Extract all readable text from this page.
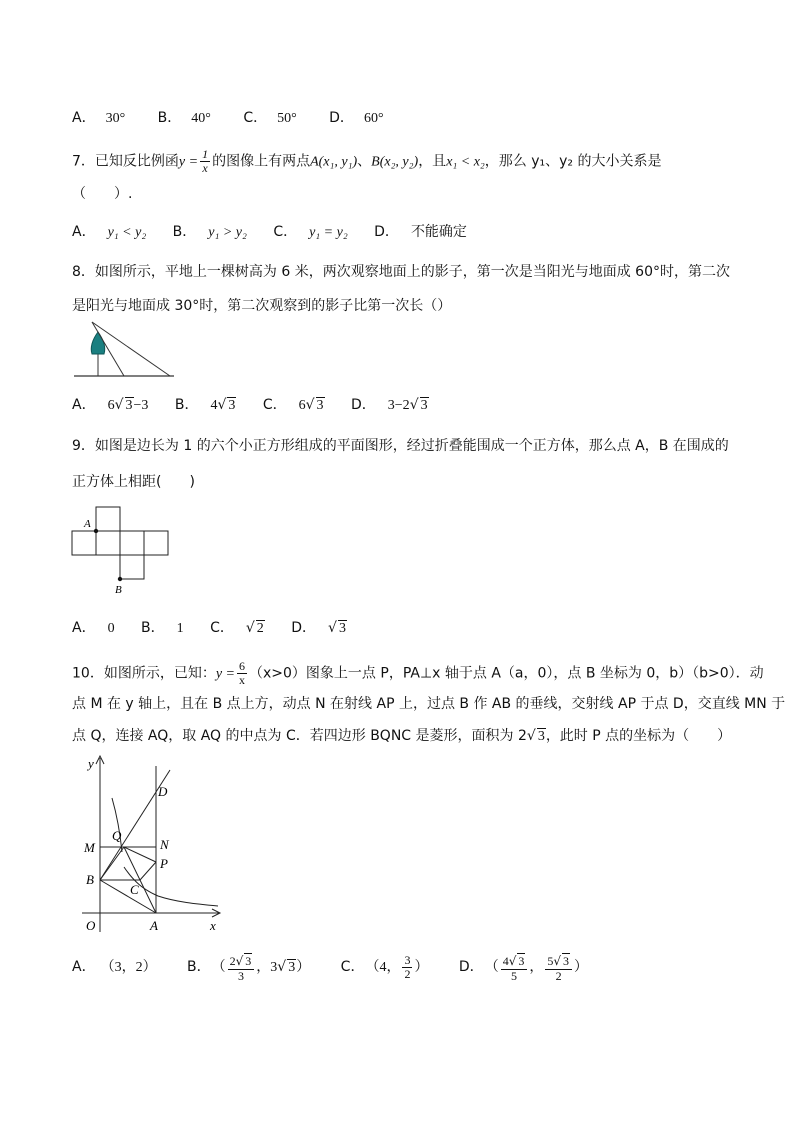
A． 30° B． 40° C． 50° D． 60°
7．已知反比例函$y = \frac{1}{x}$ 的图像上有两点A(x₁, y₁)、B(x₂, y₂)，且x₁ < x₂，那么 y₁、y₂ 的大小关系是
（　　）.
A． y₁ < y₂ B． y₁ > y₂ C． y₁ = y₂ D． 不能确定
8．如图所示，平地上一棵树高为 6 米，两次观察地面上的影子，第一次是当阳光与地面成 60°时，第二次
是阳光与地面成 30°时，第二次观察到的影子比第一次长（）
A． 6√ 3−3 B． 4√ 3 C． 6√ 3 D． 3−2√ 3
9．如图是边长为 1 的六个小正方形组成的平面图形，经过折叠能围成一个正方体，那么点 A，B 在围成的
正方体上相距(　　)
A
B
A． 0 B． 1 C． √ 2 D． √ 3
10．如图所示，已知：$y = \frac{6}{x} (x>0)$图象上一点 P，PA⊥x 轴于点 A（a，0），点 B 坐标为 0，b）（b>0）．动
点 M 在 y 轴上，且在 B 点上方，动点 N 在射线 AP 上，过点 B 作 AB 的垂线，交射线 AP 于点 D，交直线 MN 于
点 Q，连接 AQ，取 AQ 的中点为 C．若四边形 BQNC 是菱形，面积为 2√ 3，此时 P 点的坐标为（　　）
y
x
O	A
B
M	N
Q
P
D
C
A． （3，2） B． （ $\frac{2√ 3}{3}$ ，3√ 3） C． （4， $\frac{3}{2}$ ） D． （ $\frac{4√ 3}{5}$ ， $\frac{5√ 3}{2}$ ）
